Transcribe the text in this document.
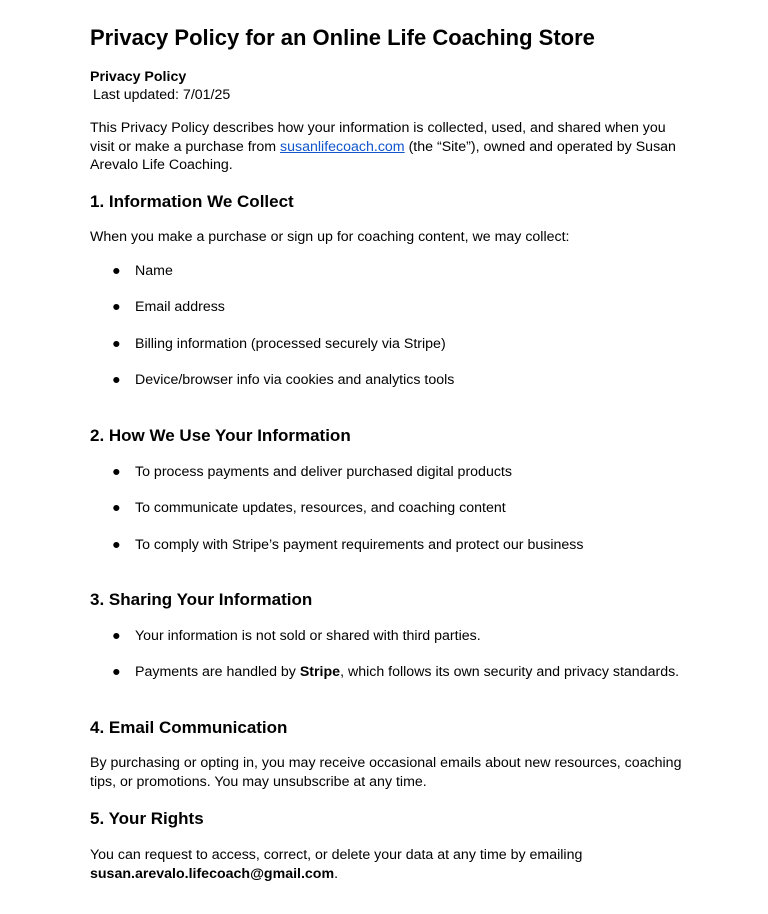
Privacy Policy for an Online Life Coaching Store
Privacy Policy
Last updated: 7/01/25
This Privacy Policy describes how your information is collected, used, and shared when you
visit or make a purchase from susanlifecoach.com (the “Site”), owned and operated by Susan
Arevalo Life Coaching.
1. Information We Collect
When you make a purchase or sign up for coaching content, we may collect:
● Name
● Email address
● Billing information (processed securely via Stripe)
● Device/browser info via cookies and analytics tools
2. How We Use Your Information
● To process payments and deliver purchased digital products
● To communicate updates, resources, and coaching content
● To comply with Stripe’s payment requirements and protect our business
3. Sharing Your Information
● Your information is not sold or shared with third parties.
● Payments are handled by Stripe, which follows its own security and privacy standards.
4. Email Communication
By purchasing or opting in, you may receive occasional emails about new resources, coaching
tips, or promotions. You may unsubscribe at any time.
5. Your Rights
You can request to access, correct, or delete your data at any time by emailing
susan.arevalo.lifecoach@gmail.com.
